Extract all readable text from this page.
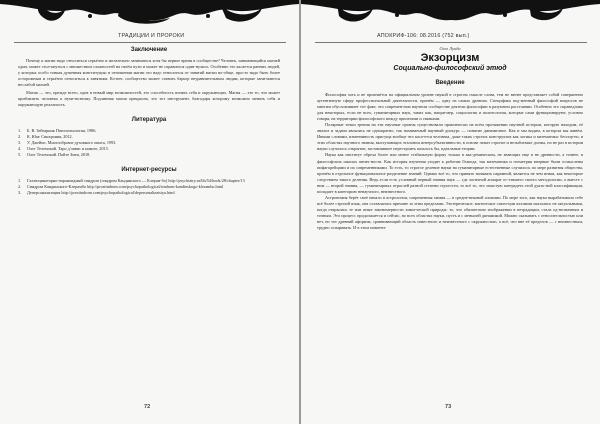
ТРАДИЦИИ И ПРОРОКИ
Заключение

Почему к магии надо относиться серьёзно и желательно заниматься хотя бы первое время в сообществе? Человек, занимающийся магией один, может стол-кнуться с множеством сложностей на своём пути и может не справиться один-нулись. Особенно это касается ранних людей, у которых особо тонкая душевная конституция: в отношении магии это надо относиться от занятий магии во-обще, просто надо быть более осторожным и серьёзно относиться к занятиям. Ко-неч, сообщество может ставить барьер неуравнительным людям, которые зани-маются неслабой магией.

Магия — это, прежде всего, одна в новый мир возможностей, это способность понять себя и окружающих. Магия — это то, что может приблизить человека к нуме-нозному. Подлинная магия прекрасна, это тот инструмент, благодаря которому возможно менять себя и окружающую реальность.

Литература
1.	Б. В. Зейгарник Патопсихология, 1986.
2.	К. Юнг Синхрония, 2012.
3.	У. Джеймс. Многообразие духовного опыта, 1993.
4.	Олег Телемский. Таро д'ливис и никого, 2015.
5.	Олег Телемский. Пойте Змея, 2018.
Интернет-ресурсы
1.	Галлюцинаторно-параноидный синдром (синдром Кандинского — Клерам-бо) http://psychiatry.ru/lib/54/book/28/chapter/13
2.	Синдром Кандинского-Клерамбо http://prostindrom.com/psychopathological/sindrom-kandinskogo-klerambo.html
3.	Деперсонализация http://prostindrom.com/psychopathological/depersonalizatsiya.html
72
АПОКРИФ-106: 08.2016 (752 вып.)

Олег Луиба

Экзорцизм
Социально-философский этюд
Введение

Философия хоть и не признаётся на официальном уровне наукой в строгом смысле слова, тем не менее представляет собой совершенно аутентичную сферу профессиональной деятельности, причём — одну из самых древних. Специфика под-менный философий вопросов не многим обусловливает тот факт, что современ-ном научном сообществе деятели философии в разумном расстоянии. Особенно это справедливо для некоторых, если не всех, гуманитарных наук, таких как, напри-мер, социология и политология, которые сами функционируют, условно говоря, на территории философского между прилегами и связками.

Полярные точки зрения на эти научные органы существовали практически на всём протяжении научной истории, которую находим, её анализ и задачи являлись не однократно, так называемый научный дискурс — понятие динамичное. Как и мы видим, в котором мы живём. Иными словами, изменчивость присуща вообще что каса-ется человека, даже таких строгих конструктов как логика и математика: беспор-но, в этих областях научного знания, выступающих эталоном интерсубъективности, в основе лежат строгие и незыблемые догмы, но не раз в истории науки случалось открытие, заставлявшее перестроить казалось бы, идеальные теории.

Наука как институт обрела более или менее стабильную форму только в ака-демическом, не знающих еще в не древности, а точнее, в философских школах антич-ности. Как история изучения уходит к работам Геакода, так математика и геометрия впервые были осмыслены пифагорейцами и их современниками. То есть, то строгое деление науки на гуманитарные естественные случилось по мере развития общества, причём в отдельное функциональное разделение знаний. Однако всё то, что принято называть парамной, является не чем иным, как некоторые следствием такого деления. Ведь если есть условный первый знания наук — где логичной аппарат ос-тавшего своего методологии, а вместе с ним — второй знания, — гуманитарных отраслей разной степени строгости, то всё то, что зачастую катерадеть этой дуаль-ной классификации, попадает в категорию ненаучного, неизвестного.

Астрономия берёт своё начало в астрологии, современная химия — в средне-вековой алхимии. По мере того, как наука вырабатывала себе всё более строгий язык, она оставлялась причине за этим пределами. Эзотерическое, магическое сакти-ции алхимии оказались не актуальными, когда открылась те или иные закономерности хими-ческой природы: то, что обязательно изображении в нетрадиции, стала од-нозначным и точным. Это процесс продолжается и сейчас, во всех областях науки, пусть и с меньшей динамикой. Можно сказывать с относительностью или нет, но тот древний афоризм, сравнивающий область известного и неизвестного с окружностью, а всё, что вне её пределов — с неизвестным, трудно оспаривать. И в этом моменте

73
